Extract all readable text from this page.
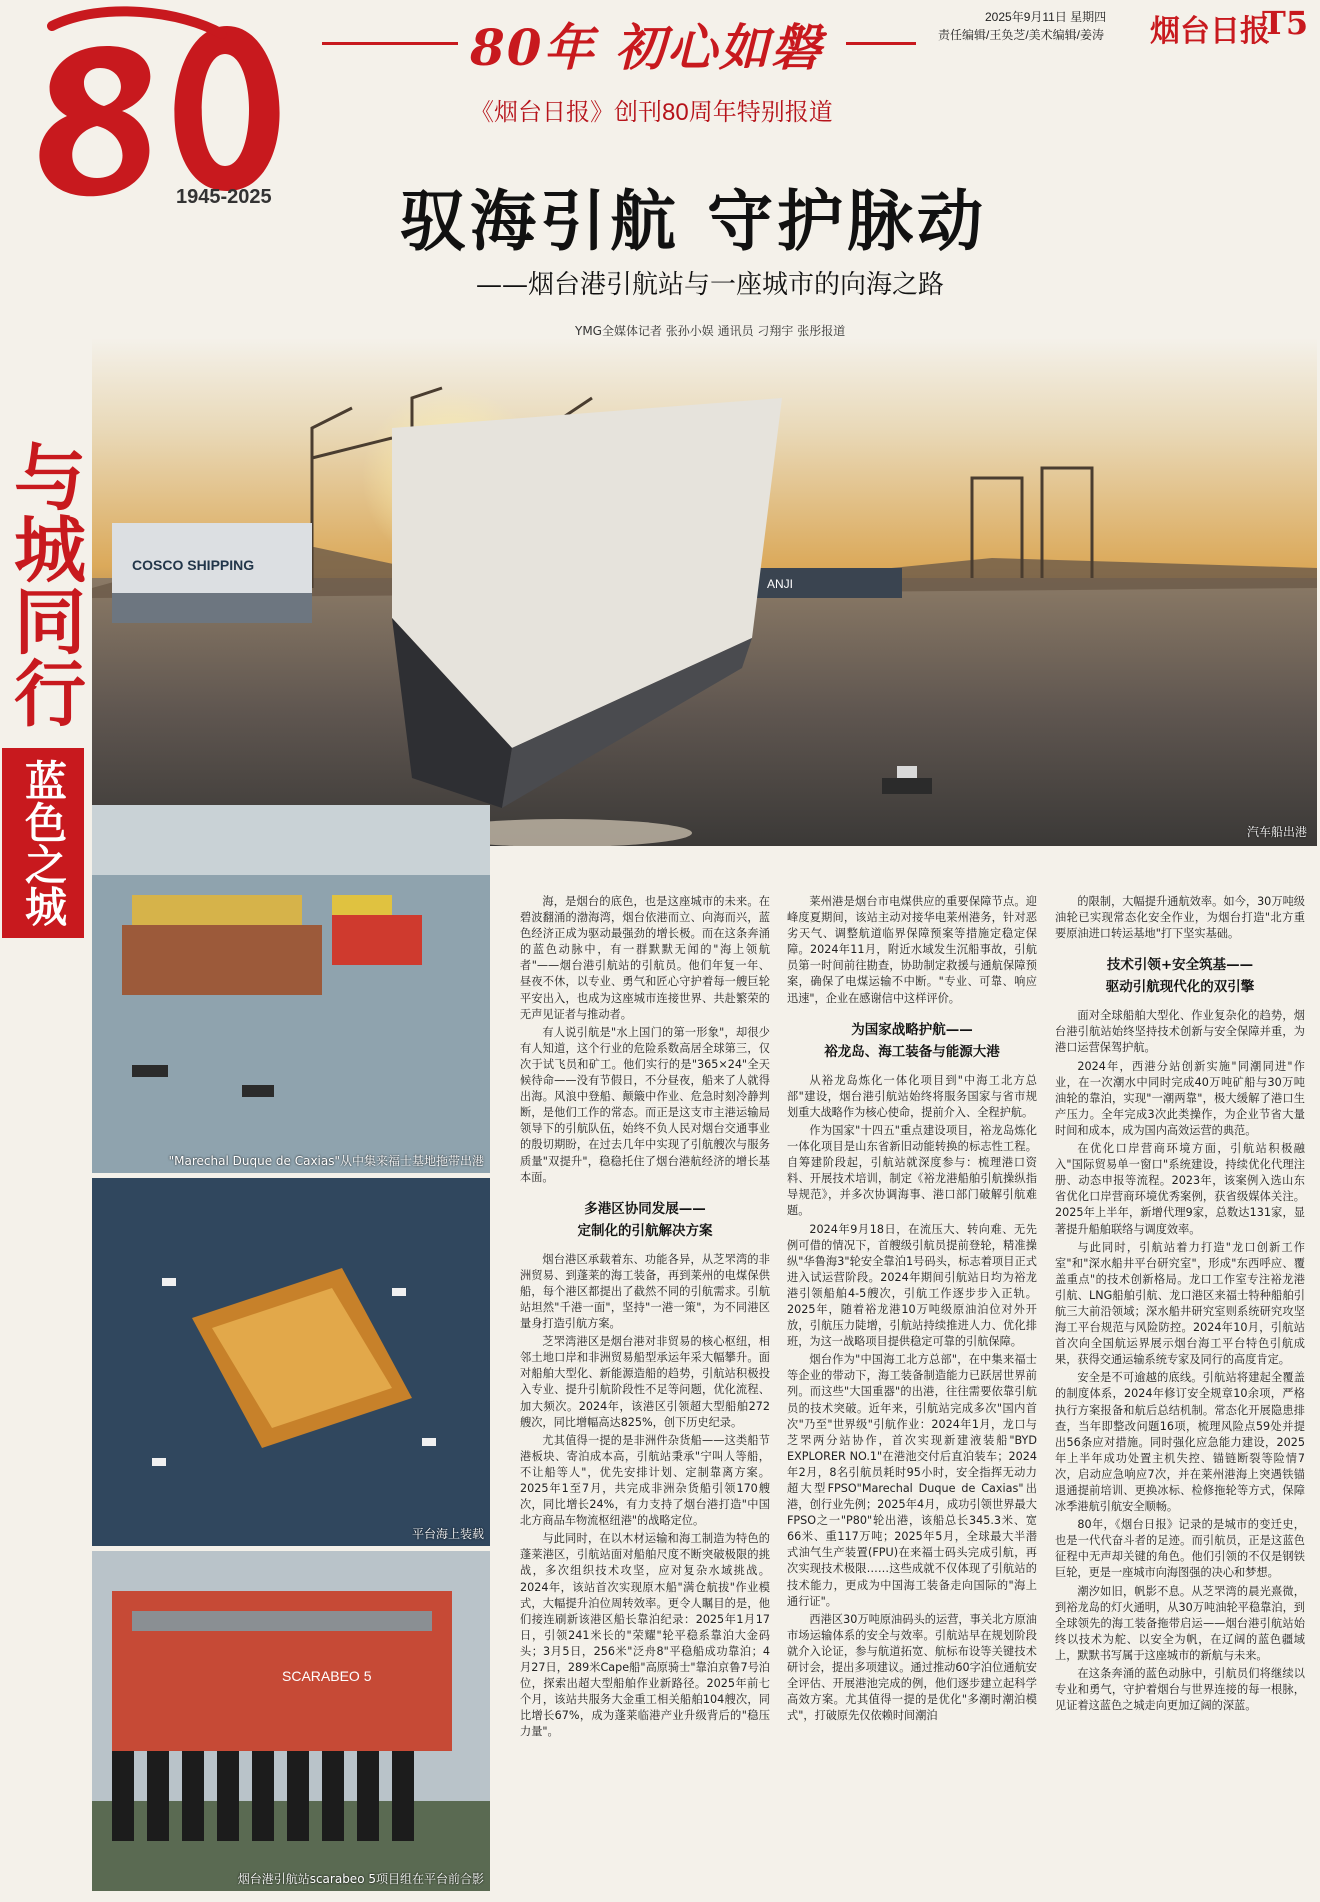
1945-2025
80年 初心如磐
《烟台日报》创刊80周年特别报道
2025年9月11日 星期四
责任编辑/王奂芝/美术编辑/姜涛 烟台日报
T5
与城同行
蓝色之城
驭海引航 守护脉动
——烟台港引航站与一座城市的向海之路
YMG全媒体记者 张孙小娱 通讯员 刁翔宇 张彤报道
COSCO SHIPPING
ANJI
汽车船出港
"Marechal Duque de Caxias"从中集来福士基地拖带出港
平台海上装载
SCARABEO 5
烟台港引航站scarabeo 5项目组在平台前合影

海，是烟台的底色，也是这座城市的未来。在碧波翻涌的渤海湾，烟台依港而立、向海而兴，蓝色经济正成为驱动最强劲的增长极。而在这条奔涌的蓝色动脉中，有一群默默无闻的"海上领航者"——烟台港引航站的引航员。他们年复一年、昼夜不休，以专业、勇气和匠心守护着每一艘巨轮平安出入，也成为这座城市连接世界、共赴繁荣的无声见证者与推动者。

有人说引航是"水上国门的第一形象"，却很少有人知道，这个行业的危险系数高居全球第三，仅次于试飞员和矿工。他们实行的是"365×24"全天候待命——没有节假日，不分昼夜，船来了人就得出海。风浪中登船、颠簸中作业、危急时刻冷静判断，是他们工作的常态。而正是这支市主港运输局领导下的引航队伍，始终不负人民对烟台交通事业的殷切期盼，在过去几年中实现了引航艘次与服务质量"双提升"，稳稳托住了烟台港航经济的增长基本面。

多港区协同发展——
定制化的引航解决方案

烟台港区承载着东、功能各异，从芝罘湾的非洲贸易、到蓬莱的海工装备，再到莱州的电煤保供船，每个港区都提出了截然不同的引航需求。引航站坦然"千港一面"，坚持"一港一策"，为不同港区量身打造引航方案。

芝罘湾港区是烟台港对非贸易的核心枢纽，相邻土地口岸和非洲贸易船型承运年采大幅攀升。面对船舶大型化、新能源造船的趋势，引航站积极投入专业、提升引航阶段性不足等问题，优化流程、加大频次。2024年，该港区引领超大型船舶272艘次，同比增幅高达825%，创下历史纪录。

尤其值得一提的是非洲件杂货船——这类船节港板块、寄泊成本高，引航站秉承"宁叫人等船，不让船等人"，优先安排计划、定制靠离方案。2025年1至7月，共完成非洲杂货船引领170艘次，同比增长24%，有力支持了烟台港打造"中国北方商品车物流枢纽港"的战略定位。

与此同时，在以木材运输和海工制造为特色的蓬莱港区，引航站面对船舶尺度不断突破极限的挑战，多次组织技术攻坚，应对复杂水域挑战。2024年，该站首次实现原木船"满仓航拔"作业模式，大幅提升泊位周转效率。更令人瞩目的是，他们接连刷新该港区船长靠泊纪录：2025年1月17日，引领241米长的"荣耀"轮平稳系靠泊大金码头；3月5日，256米"泛舟8"平稳船成功靠泊；4月27日，289米Cape船"高原骑士"靠泊京鲁7号泊位，探索出超大型船舶作业新路径。2025年前七个月，该站共服务大金重工相关船舶104艘次，同比增长67%，成为蓬莱临港产业升级背后的"稳压力量"。

莱州港是烟台市电煤供应的重要保障节点。迎峰度夏期间，该站主动对接华电莱州港务，针对恶劣天气、调整航道临界保障预案等措施定稳定保障。2024年11月，附近水域发生沉船事故，引航员第一时间前往勘查，协助制定救援与通航保障预案，确保了电煤运输不中断。"专业、可靠、响应迅速"，企业在感谢信中这样评价。

为国家战略护航——
裕龙岛、海工装备与能源大港

从裕龙岛炼化一体化项目到"中海工北方总部"建设，烟台港引航站始终将服务国家与省市规划重大战略作为核心使命，提前介入、全程护航。

作为国家"十四五"重点建设项目，裕龙岛炼化一体化项目是山东省新旧动能转换的标志性工程。自筹建阶段起，引航站就深度参与：梳理港口资料、开展技术培训，制定《裕龙港船舶引航操纵指导规范》，并多次协调海事、港口部门破解引航难题。

2024年9月18日，在流压大、转向难、无先例可借的情况下，首艘级引航员提前登轮，精准操纵"华鲁海3"轮安全靠泊1号码头，标志着项目正式进入试运营阶段。2024年期间引航站日均为裕龙港引领船舶4-5艘次，引航工作逐步步入正轨。2025年，随着裕龙港10万吨级原油泊位对外开放，引航压力陡增，引航站持续推进人力、优化排班，为这一战略项目提供稳定可靠的引航保障。

烟台作为"中国海工北方总部"，在中集来福士等企业的带动下，海工装备制造能力已跃居世界前列。而这些"大国重器"的出港，往往需要依靠引航员的技术突破。近年来，引航站完成多次"国内首次"乃至"世界级"引航作业：2024年1月，龙口与芝罘两分站协作，首次实现新建液装船"BYD EXPLORER NO.1"在港池交付后直泊装车；2024年2月，8名引航员耗时95小时，安全指挥无动力超大型FPSO"Marechal Duque de Caxias"出港，创行业先例；2025年4月，成功引领世界最大FPSO之一"P80"轮出港，该船总长345.3米、宽66米、重117万吨；2025年5月，全球最大半潜式油气生产装置(FPU)在来福士码头完成引航，再次实现技术极限……这些成就不仅体现了引航站的技术能力，更成为中国海工装备走向国际的"海上通行证"。

西港区30万吨原油码头的运营，事关北方原油市场运输体系的安全与效率。引航站早在规划阶段就介入论证，参与航道拓宽、航标布设等关键技术研讨会，提出多项建议。通过推动60字泊位通航安全评估、开展港池完成的例，他们逐步建立起科学高效方案。尤其值得一提的是优化"多潮时潮泊模式"，打破原先仅依赖时间潮泊

的限制，大幅提升通航效率。如今，30万吨级油轮已实现常态化安全作业，为烟台打造"北方重要原油进口转运基地"打下坚实基础。

技术引领+安全筑基——
驱动引航现代化的双引擎

面对全球船舶大型化、作业复杂化的趋势，烟台港引航站始终坚持技术创新与安全保障并重，为港口运营保驾护航。

2024年，西港分站创新实施"同潮同进"作业，在一次潮水中同时完成40万吨矿船与30万吨油轮的靠泊，实现"一潮两靠"，极大缓解了港口生产压力。全年完成3次此类操作，为企业节省大量时间和成本，成为国内高效运营的典范。

在优化口岸营商环境方面，引航站积极融入"国际贸易单一窗口"系统建设，持续优化代理注册、动态申报等流程。2023年，该案例入选山东省优化口岸营商环境优秀案例，获省级媒体关注。2025年上半年，新增代理9家，总数达131家，显著提升船舶联络与调度效率。

与此同时，引航站着力打造"龙口创新工作室"和"深水船井平台研究室"，形成"东西呼应、覆盖重点"的技术创新格局。龙口工作室专注裕龙港引航、LNG船舶引航、龙口港区来福士特种船舶引航三大前沿领域；深水船井研究室则系统研究攻坚海工平台规范与风险防控。2024年10月，引航站首次向全国航运界展示烟台海工平台特色引航成果，获得交通运输系统专家及同行的高度肯定。

安全是不可逾越的底线。引航站将建起全覆盖的制度体系，2024年修订安全规章10余项，严格执行方案报备和航后总结机制。常态化开展隐患排查，当年即整改问题16项，梳理风险点59处并提出56条应对措施。同时强化应急能力建设，2025年上半年成功处置主机失控、锚链断裂等险情7次，启动应急响应7次，并在莱州港海上突遇铁锚退通提前培训、更换冰标、检修拖轮等方式，保障冰季港航引航安全顺畅。

80年，《烟台日报》记录的是城市的变迁史，也是一代代奋斗者的足迹。而引航员，正是这蓝色征程中无声却关键的角色。他们引领的不仅是钢铁巨轮，更是一座城市向海图强的决心和梦想。

潮汐如旧，帆影不息。从芝罘湾的晨光熹微，到裕龙岛的灯火通明，从30万吨油轮平稳靠泊，到全球领先的海工装备拖带启运——烟台港引航站始终以技术为舵、以安全为帆，在辽阔的蓝色疆域上，默默书写属于这座城市的新航与未来。

在这条奔涌的蓝色动脉中，引航员们将继续以专业和勇气，守护着烟台与世界连接的每一根脉，见证着这蓝色之城走向更加辽阔的深蓝。
